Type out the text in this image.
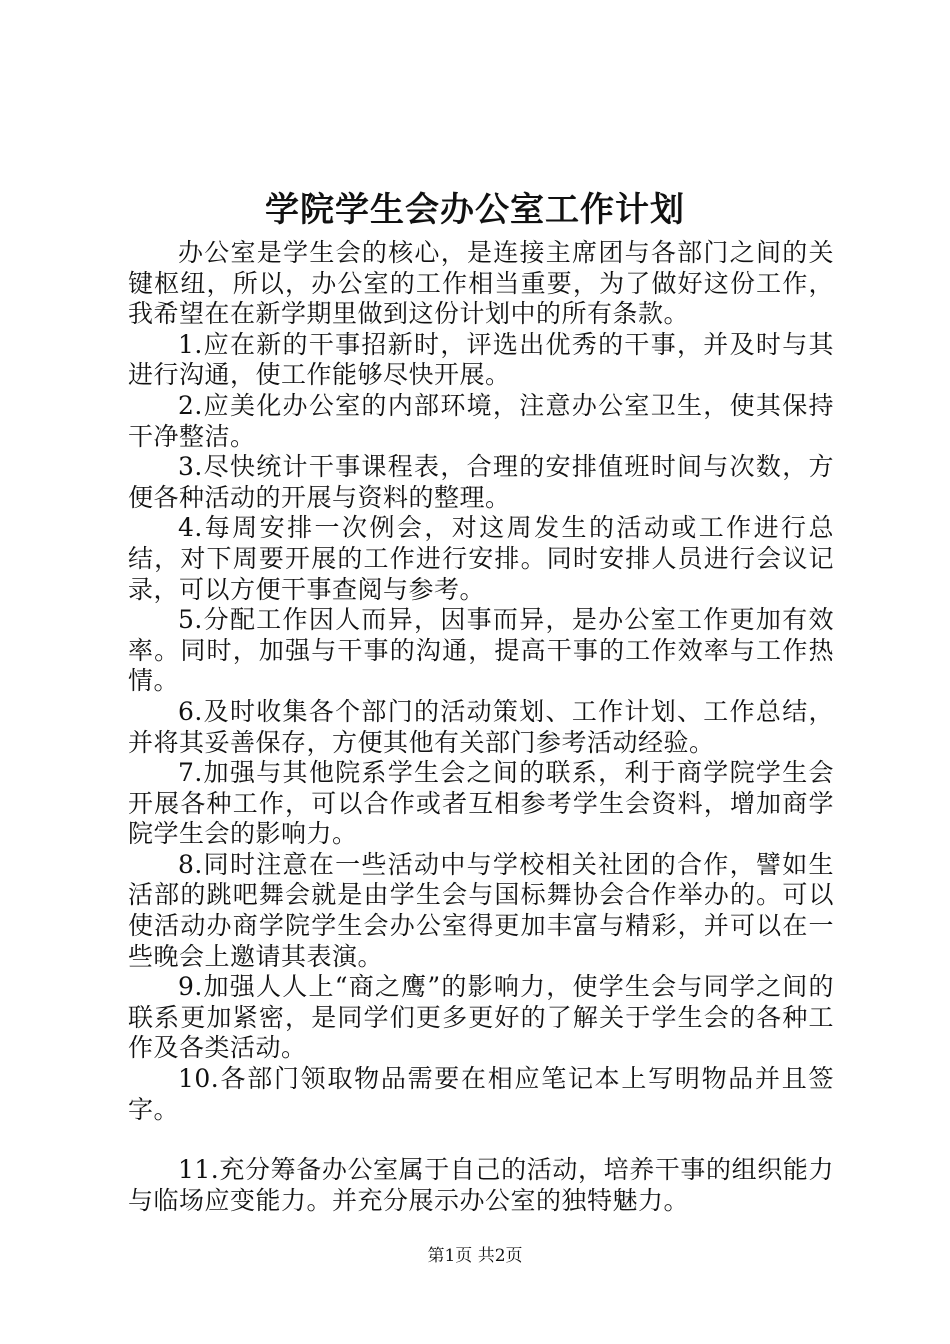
学院学生会办公室工作计划

办公室是学生会的核心，是连接主席团与各部门之间的关键枢纽，所以，办公室的工作相当重要，为了做好这份工作，我希望在在新学期里做到这份计划中的所有条款。

1.应在新的干事招新时，评选出优秀的干事，并及时与其进行沟通，使工作能够尽快开展。

2.应美化办公室的内部环境，注意办公室卫生，使其保持干净整洁。

3.尽快统计干事课程表，合理的安排值班时间与次数，方便各种活动的开展与资料的整理。

4.每周安排一次例会，对这周发生的活动或工作进行总结，对下周要开展的工作进行安排。同时安排人员进行会议记录，可以方便干事查阅与参考。

5.分配工作因人而异，因事而异，是办公室工作更加有效率。同时，加强与干事的沟通，提高干事的工作效率与工作热情。

6.及时收集各个部门的活动策划、工作计划、工作总结，并将其妥善保存，方便其他有关部门参考活动经验。

7.加强与其他院系学生会之间的联系，利于商学院学生会开展各种工作，可以合作或者互相参考学生会资料，增加商学院学生会的影响力。

8.同时注意在一些活动中与学校相关社团的合作，譬如生活部的跳吧舞会就是由学生会与国标舞协会合作举办的。可以使活动办商学院学生会办公室得更加丰富与精彩，并可以在一些晚会上邀请其表演。

9.加强人人上“商之鹰”的影响力，使学生会与同学之间的联系更加紧密，是同学们更多更好的了解关于学生会的各种工作及各类活动。

10.各部门领取物品需要在相应笔记本上写明物品并且签字。

11.充分筹备办公室属于自己的活动，培养干事的组织能力与临场应变能力。并充分展示办公室的独特魅力。

第1页 共2页
